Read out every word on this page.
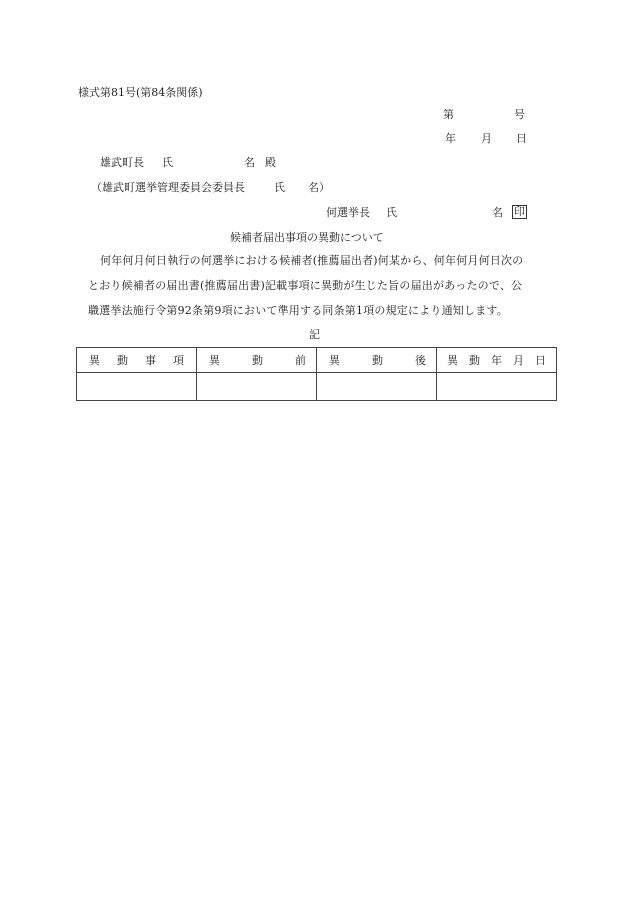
様式第81号(第84条関係)
第	号
年 月 日
雄武町長 氏	名 殿
（雄武町選挙管理委員会委員長	氏 名）
何選挙長 氏	名 印
候補者届出事項の異動について
何年何月何日執行の何選挙における候補者(推薦届出者)何某から、何年何月何日次の
とおり候補者の届出書(推薦届出書)記載事項に異動が生じた旨の届出があったので、公
職選挙法施行令第92条第9項において準用する同条第1項の規定により通知します。
記
異 動 事 項	異 動 前	異 動 後	異 動 年 月 日
